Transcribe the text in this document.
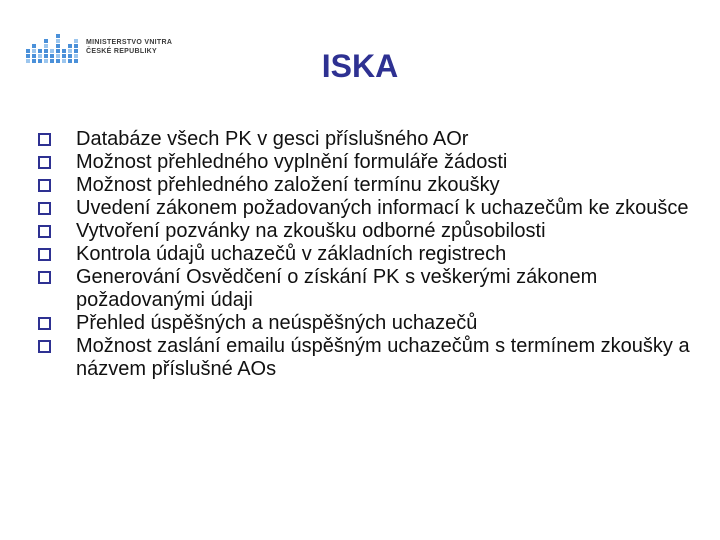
MINISTERSTVO VNITRA
ČESKÉ REPUBLIKY	ISKA
Databáze všech PK v gesci příslušného AOr
Možnost přehledného vyplnění formuláře žádosti
Možnost přehledného založení termínu zkoušky
Uvedení zákonem požadovaných informací k uchazečům ke zkoušce
Vytvoření pozvánky na zkoušku odborné způsobilosti
Kontrola údajů uchazečů v základních registrech
Generování Osvědčení o získání PK s veškerými zákonem požadovanými údaji
Přehled úspěšných a neúspěšných uchazečů
Možnost zaslání emailu úspěšným uchazečům s termínem zkoušky a názvem příslušné AOs
